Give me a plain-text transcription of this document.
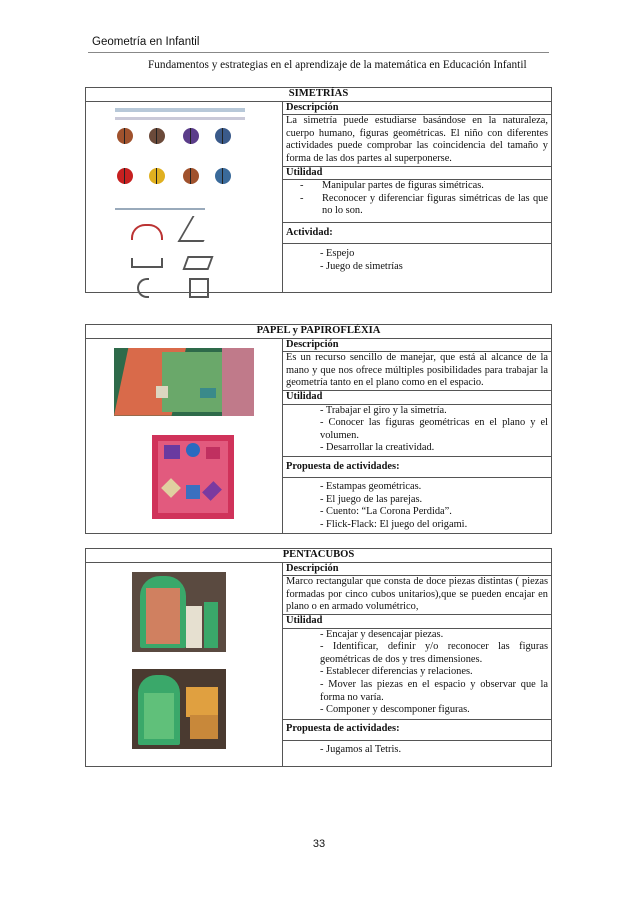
Geometría en Infantil
Fundamentos y estrategias en el aprendizaje de la matemática en Educación Infantil
SIMETRÍAS

	Descripción
La simetría puede estudiarse basándose en la naturaleza, cuerpo humano, figuras geométricas. El niño con diferentes actividades puede comprobar las coincidencia del tamaño y forma de las dos partes al superponerse.
Utilidad

- Manipular partes de figuras simétricas.
- Reconocer y diferenciar figuras simétricas de las que no lo son.

Actividad:

- Espejo
- Juego de simetrías
PAPEL y PAPIROFLÉXIA

	Descripción
Es un recurso sencillo de manejar, que está al alcance de la mano y que nos ofrece múltiples posibilidades para trabajar la geometría tanto en el plano como en el espacio.
Utilidad

- Trabajar el giro y la simetría.
- Conocer las figuras geométricas en el plano y el volumen.
- Desarrollar la creatividad.

Propuesta de actividades:

- Estampas geométricas.
- El juego de las parejas.
- Cuento: “La Corona Perdida”.
- Flick-Flack: El juego del origami.
PENTACUBOS

	Descripción
Marco rectangular que consta de doce piezas distintas ( piezas formadas por cinco cubos unitarios),que se pueden encajar en plano o en armado volumétrico,
Utilidad

- Encajar y desencajar piezas.
- Identificar, definir y/o reconocer las figuras geométricas de dos y tres dimensiones.
- Establecer diferencias y relaciones.
- Mover las piezas en el espacio y observar que la forma no varía.
- Componer y descomponer figuras.

Propuesta de actividades:

- Jugamos al Tetris.
33
